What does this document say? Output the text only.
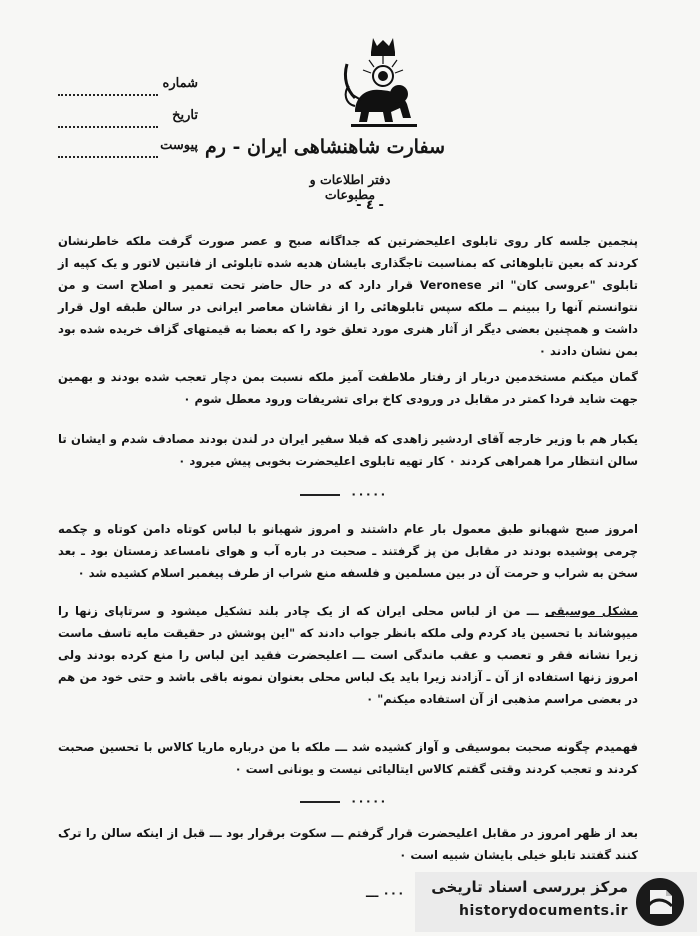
شماره
تاریخ
پیوست سفارت شاهنشاهی ایران - رم
دفتر اطلاعات و مطبوعات
- ٤ -
پنجمین جلسه کار روی تابلوی اعلیحضرتین که جداگانه صبح و عصر صورت گرفت ملکه خاطرنشان کردند که بعین تابلوهائی که بمناسبت تاجگذاری بایشان هدیه شده تابلوئی از فانتین لاتور و یک کپیه از تابلوی "عروسی کان" اثر Veronese قرار دارد که در حال حاضر تحت تعمیر و اصلاح است و من نتوانستم آنها را ببینم ــ ملکه سپس تابلوهائی را از نقاشان معاصر ایرانی در سالن طبقه اول قرار داشت و همچنین بعضی دیگر از آثار هنری مورد تعلق خود را که بعضا به قیمتهای گزاف خریده شده بود بمن نشان دادند ٠
گمان میکنم مستخدمین دربار از رفتار ملاطفت آمیز ملکه نسبت بمن دچار تعجب شده بودند و بهمین جهت شاید فردا کمتر در مقابل در ورودی کاخ برای تشریفات ورود معطل شوم ٠
یکبار هم با وزیر خارجه آقای اردشیر زاهدی که قبلا سفیر ایران در لندن بودند مصادف شدم و ایشان تا سالن انتظار مرا همراهی کردند ٠ کار تهیه تابلوی اعلیحضرت بخوبی پیش میرود ٠
٠٠٠٠٠
امروز صبح شهبانو طبق معمول بار عام داشتند و امروز شهبانو با لباس کوتاه دامن کوتاه و چکمه چرمی پوشیده بودند در مقابل من پز گرفتند ـ صحبت در باره آب و هوای نامساعد زمستان بود ـ بعد سخن به شراب و حرمت آن در بین مسلمین و فلسفه منع شراب از طرف پیغمبر اسلام کشیده شد ٠
مشکل موسیقی ـــ من از لباس محلی ایران که از یک چادر بلند تشکیل میشود و سرتاپای زنها را میپوشاند با تحسین یاد کردم ولی ملکه بانظر جواب دادند که "این پوشش در حقیقت مایه تاسف ماست زیرا نشانه فقر و تعصب و عقب ماندگی است ـــ اعلیحضرت فقید این لباس را منع کرده بودند ولی امروز زنها استفاده از آن ـ آزادند زیرا باید یک لباس محلی بعنوان نمونه باقی باشد و حتی خود من هم در بعضی مراسم مذهبی از آن استفاده میکنم" ٠
فهمیدم چگونه صحبت بموسیقی و آواز کشیده شد ـــ ملکه با من درباره ماریا کالاس با تحسین صحبت کردند و تعجب کردند وقتی گفتم کالاس ایتالیائی نیست و یونانی است ٠
٠٠٠٠٠
بعد از ظهر امروز در مقابل اعلیحضرت قرار گرفتم ـــ سکوت برقرار بود ـــ قبل از اینکه سالن را ترک کنند گفتند تابلو خیلی بایشان شبیه است ٠
٠٠٠ ـــ	مرکز بررسی اسناد تاریخی
historydocuments.ir
